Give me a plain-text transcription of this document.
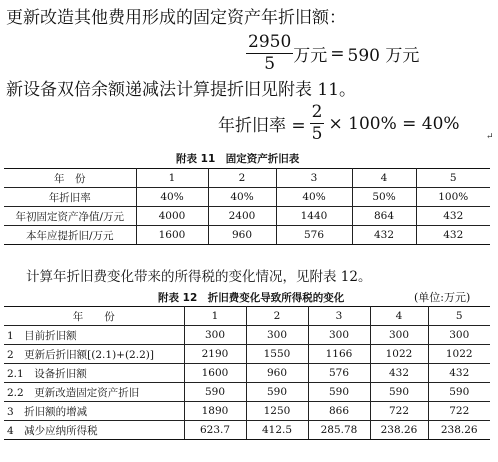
更新改造其他费用形成的固定资产年折旧额：
$\frac{2950}{5}$ 万元 = 590 万元
新设备双倍余额递减法计算提折旧见附表 11。
年折旧率 = $\frac{2}{5} \times 100\% = 40\%$
↵
附表 11　固定资产折旧表
年　份	1	2	3	4	5
年折旧率	40%	40%	40%	50%	100%
年初固定资产净值/万元	4000	2400	1440	864	432
本年应提折旧/万元	1600	960	576	432	432
计算年折旧费变化带来的所得税的变化情况，见附表 12。
附表 12　折旧费变化导致所得税的变化	(单位:万元)
年　　份	1	2	3	4	5
1　目前折旧额	300	300	300	300	300
2　更新后折旧额[(2.1)+(2.2)]	2190	1550	1166	1022	1022
2.1　设备折旧额	1600	960	576	432	432
2.2　更新改造固定资产折旧	590	590	590	590	590
3　折旧额的增减	1890	1250	866	722	722
4　减少应纳所得税	623.7	412.5	285.78	238.26	238.26
